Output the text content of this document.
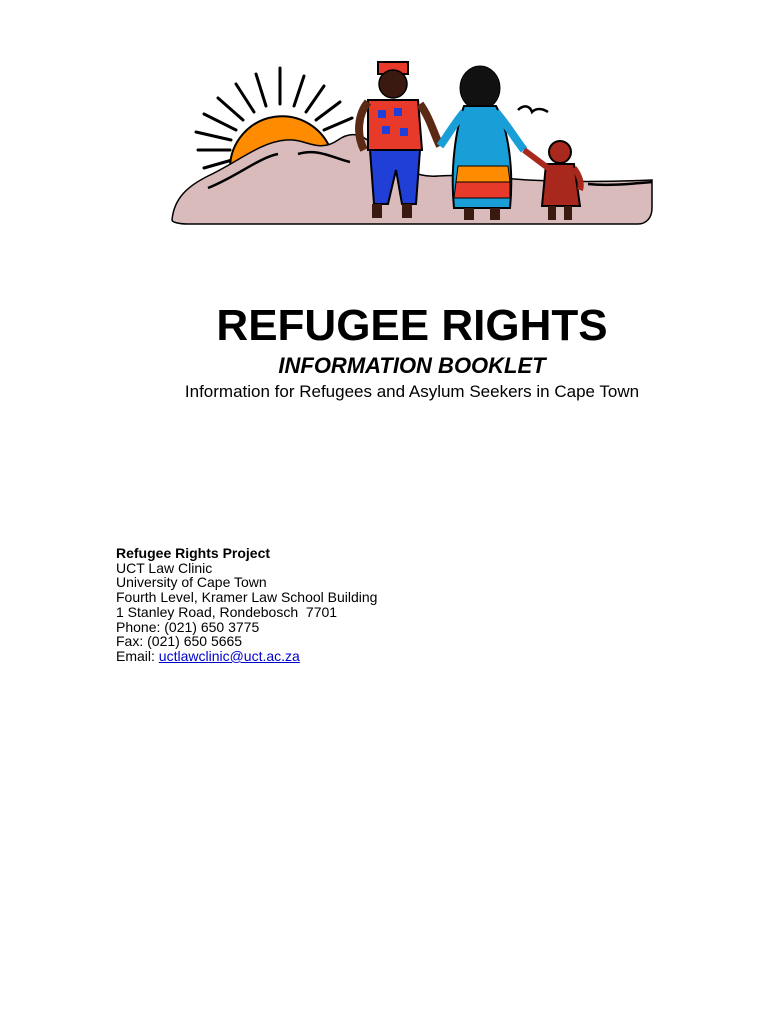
REFUGEE RIGHTS
INFORMATION BOOKLET

Information for Refugees and Asylum Seekers in Cape Town

Refugee Rights Project
UCT Law Clinic
University of Cape Town
Fourth Level, Kramer Law School Building
1 Stanley Road, Rondebosch  7701
Phone: (021) 650 3775
Fax: (021) 650 5665
Email: uctlawclinic@uct.ac.za
